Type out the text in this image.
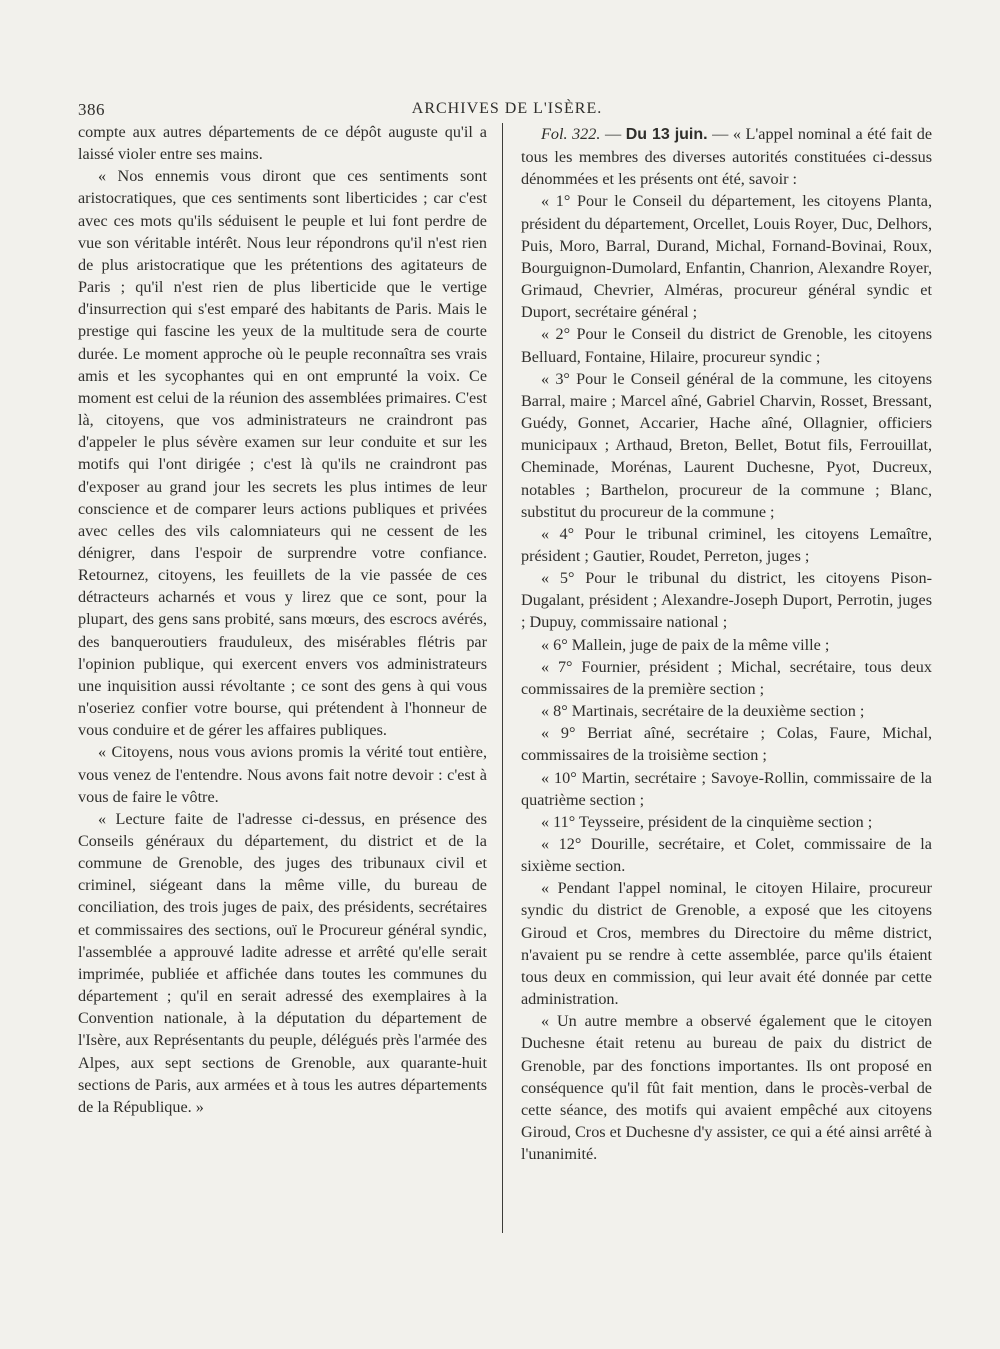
386	ARCHIVES DE L'ISÈRE.

compte aux autres départements de ce dépôt auguste qu'il a laissé violer entre ses mains.

« Nos ennemis vous diront que ces sentiments sont aristocratiques, que ces sentiments sont liberticides ; car c'est avec ces mots qu'ils séduisent le peuple et lui font perdre de vue son véritable intérêt. Nous leur répondrons qu'il n'est rien de plus aristocratique que les prétentions des agitateurs de Paris ; qu'il n'est rien de plus liberticide que le vertige d'insurrection qui s'est emparé des habitants de Paris. Mais le prestige qui fascine les yeux de la multitude sera de courte durée. Le moment approche où le peuple reconnaîtra ses vrais amis et les sycophantes qui en ont emprunté la voix. Ce moment est celui de la réunion des assemblées primaires. C'est là, citoyens, que vos administrateurs ne craindront pas d'appeler le plus sévère examen sur leur conduite et sur les motifs qui l'ont dirigée ; c'est là qu'ils ne craindront pas d'exposer au grand jour les secrets les plus intimes de leur conscience et de comparer leurs actions publiques et privées avec celles des vils calomniateurs qui ne cessent de les dénigrer, dans l'espoir de surprendre votre confiance. Retournez, citoyens, les feuillets de la vie passée de ces détracteurs acharnés et vous y lirez que ce sont, pour la plupart, des gens sans probité, sans mœurs, des escrocs avérés, des banqueroutiers frauduleux, des misérables flétris par l'opinion publique, qui exercent envers vos administrateurs une inquisition aussi révoltante ; ce sont des gens à qui vous n'oseriez confier votre bourse, qui prétendent à l'honneur de vous conduire et de gérer les affaires publiques.

« Citoyens, nous vous avions promis la vérité tout entière, vous venez de l'entendre. Nous avons fait notre devoir : c'est à vous de faire le vôtre.

« Lecture faite de l'adresse ci-dessus, en présence des Conseils généraux du département, du district et de la commune de Grenoble, des juges des tribunaux civil et criminel, siégeant dans la même ville, du bureau de conciliation, des trois juges de paix, des présidents, secrétaires et commissaires des sections, ouï le Procureur général syndic, l'assemblée a approuvé ladite adresse et arrêté qu'elle serait imprimée, publiée et affichée dans toutes les communes du département ; qu'il en serait adressé des exemplaires à la Convention nationale, à la députation du département de l'Isère, aux Représentants du peuple, délégués près l'armée des Alpes, aux sept sections de Grenoble, aux quarante-huit sections de Paris, aux armées et à tous les autres départements de la République. »

Fol. 322. — Du 13 juin. — « L'appel nominal a été fait de tous les membres des diverses autorités constituées ci-dessus dénommées et les présents ont été, savoir :

« 1° Pour le Conseil du département, les citoyens Planta, président du département, Orcellet, Louis Royer, Duc, Delhors, Puis, Moro, Barral, Durand, Michal, Fornand-Bovinai, Roux, Bourguignon-Dumolard, Enfantin, Chanrion, Alexandre Royer, Grimaud, Chevrier, Alméras, procureur général syndic et Duport, secrétaire général ;

« 2° Pour le Conseil du district de Grenoble, les citoyens Belluard, Fontaine, Hilaire, procureur syndic ;

« 3° Pour le Conseil général de la commune, les citoyens Barral, maire ; Marcel aîné, Gabriel Charvin, Rosset, Bressant, Guédy, Gonnet, Accarier, Hache aîné, Ollagnier, officiers municipaux ; Arthaud, Breton, Bellet, Botut fils, Ferrouillat, Cheminade, Morénas, Laurent Duchesne, Pyot, Ducreux, notables ; Barthelon, procureur de la commune ; Blanc, substitut du procureur de la commune ;

« 4° Pour le tribunal criminel, les citoyens Lemaître, président ; Gautier, Roudet, Perreton, juges ;

« 5° Pour le tribunal du district, les citoyens Pison-Dugalant, président ; Alexandre-Joseph Duport, Perrotin, juges ; Dupuy, commissaire national ;

« 6° Mallein, juge de paix de la même ville ;

« 7° Fournier, président ; Michal, secrétaire, tous deux commissaires de la première section ;

« 8° Martinais, secrétaire de la deuxième section ;

« 9° Berriat aîné, secrétaire ; Colas, Faure, Michal, commissaires de la troisième section ;

« 10° Martin, secrétaire ; Savoye-Rollin, commissaire de la quatrième section ;

« 11° Teysseire, président de la cinquième section ;

« 12° Dourille, secrétaire, et Colet, commissaire de la sixième section.

« Pendant l'appel nominal, le citoyen Hilaire, procureur syndic du district de Grenoble, a exposé que les citoyens Giroud et Cros, membres du Directoire du même district, n'avaient pu se rendre à cette assemblée, parce qu'ils étaient tous deux en commission, qui leur avait été donnée par cette administration.

« Un autre membre a observé également que le citoyen Duchesne était retenu au bureau de paix du district de Grenoble, par des fonctions importantes. Ils ont proposé en conséquence qu'il fût fait mention, dans le procès-verbal de cette séance, des motifs qui avaient empêché aux citoyens Giroud, Cros et Duchesne d'y assister, ce qui a été ainsi arrêté à l'unanimité.
